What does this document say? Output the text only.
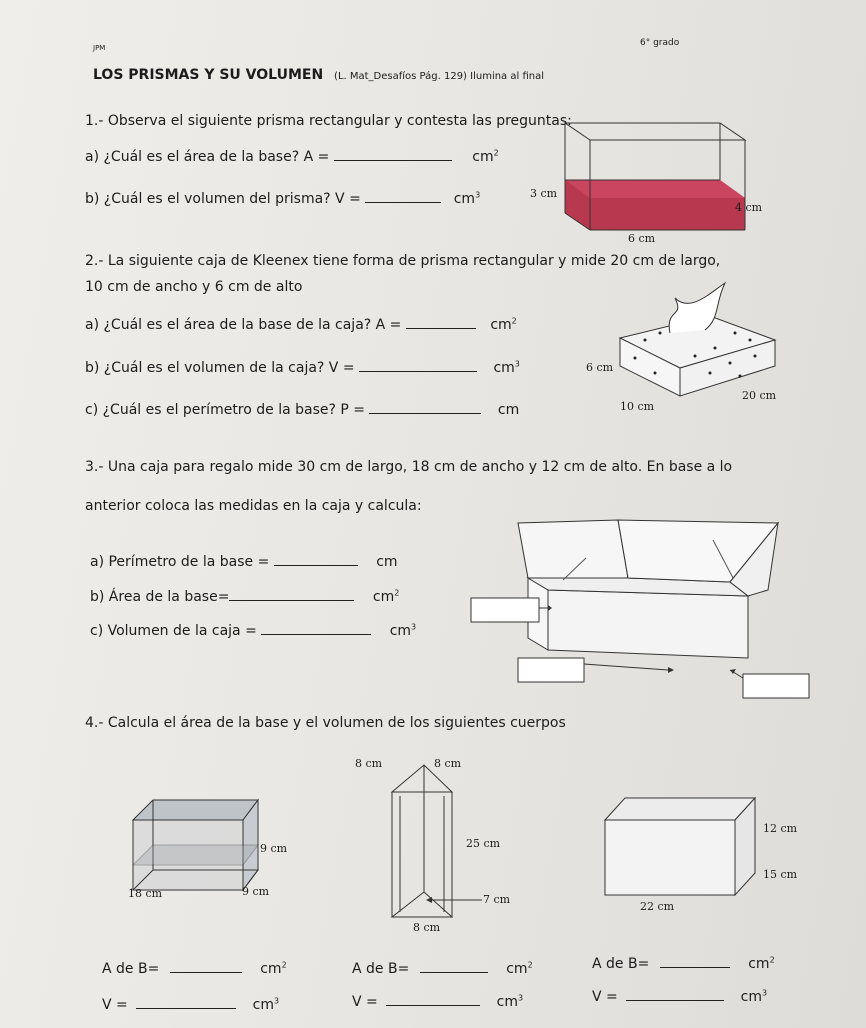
6° grado
JPM
LOS PRISMAS Y SU VOLUMEN (L. Mat_Desafíos Pág. 129) Ilumina al final
1.- Observa el siguiente prisma rectangular y contesta las preguntas:
a) ¿Cuál es el área de la base? A =	$cm^2$
b) ¿Cuál es el volumen del prisma? V =	$cm^3$	3 cm
4 cm
6 cm
2.- La siguiente caja de Kleenex tiene forma de prisma rectangular y mide 20 cm de largo,
10 cm de ancho y 6 cm de alto
a) ¿Cuál es el área de la base de la caja? A =	$cm^2$
b) ¿Cuál es el volumen de la caja? V =	$cm^3$
c) ¿Cuál es el perímetro de la base? P =	cm
6 cm
10 cm
20 cm
3.- Una caja para regalo mide 30 cm de largo, 18 cm de ancho y 12 cm de alto. En base a lo
anterior coloca las medidas en la caja y calcula:
a) Perímetro de la base =	cm
b) Área de la base=	$cm^2$
c) Volumen de la caja =	$cm^3$
4.- Calcula el área de la base y el volumen de los siguientes cuerpos
9 cm
18 cm	9 cm
8 cm	8 cm
25 cm
7 cm
8 cm
12 cm
15 cm
22 cm
A de B=	$cm^2$	A de B=	$cm^2$	A de B=	$cm^2$
V =	$cm^3$	V =	$cm^3$	V =	$cm^3$
